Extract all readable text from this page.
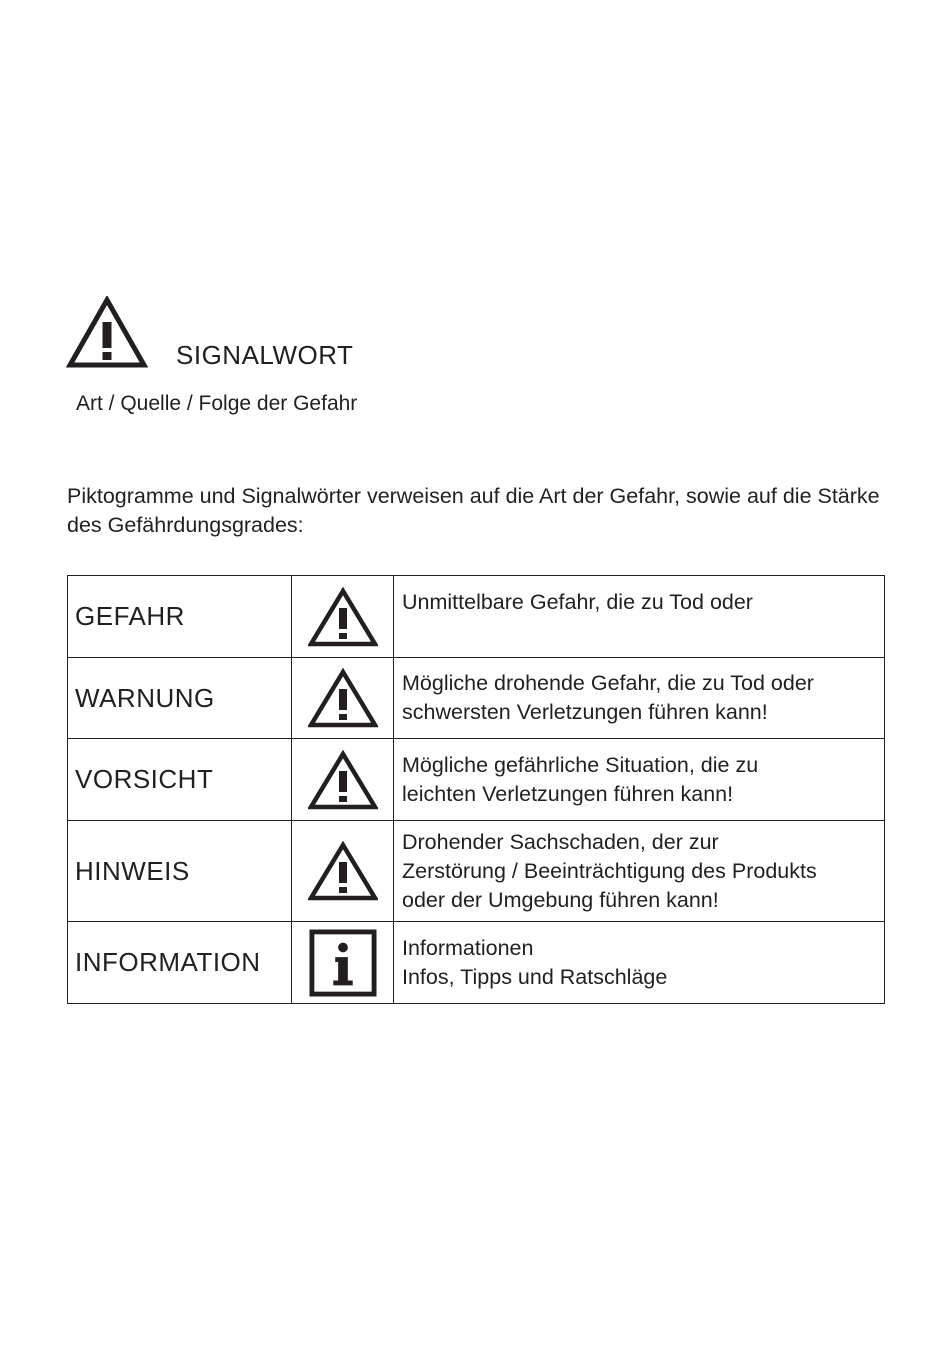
SIGNALWORT
Art / Quelle / Folge der Gefahr

Piktogramme und Signalwörter verweisen auf die Art der Gefahr, sowie auf die Stärke des Gefährdungsgrades:

GEFAHR		Unmittelbare Gefahr, die zu Tod oder

WARNUNG		Mögliche drohende Gefahr, die zu Tod oder
schwersten Verletzungen führen kann!

VORSICHT		Mögliche gefährliche Situation, die zu
leichten Verletzungen führen kann!

HINWEIS		Drohender Sachschaden, der zur
Zerstörung / Beeinträchtigung des Produkts
oder der Umgebung führen kann!

INFORMATION		Informationen
Infos, Tipps und Ratschläge
